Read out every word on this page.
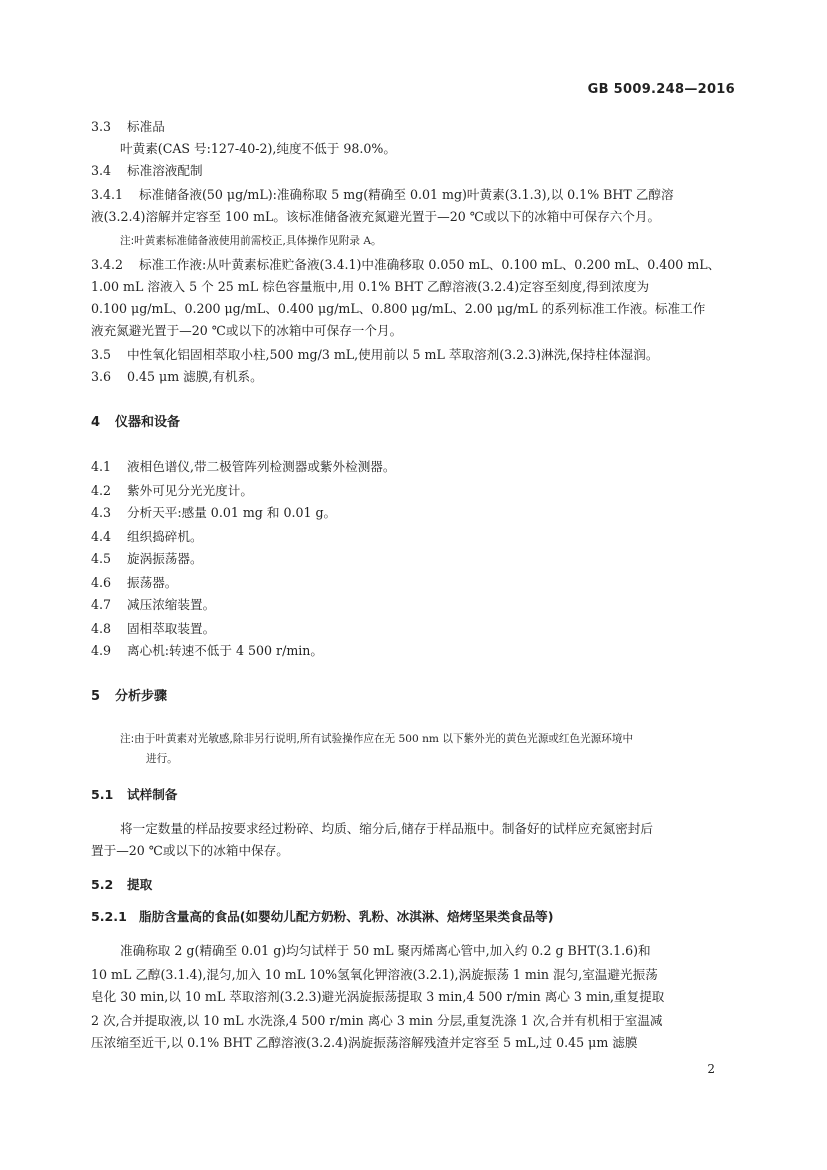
GB 5009.248—2016
3.3 标准品
叶黄素(CAS 号:127-40-2),纯度不低于 98.0%。
3.4 标准溶液配制
3.4.1 标准储备液(50 μg/mL):准确称取 5 mg(精确至 0.01 mg)叶黄素(3.1.3),以 0.1% BHT 乙醇溶
液(3.2.4)溶解并定容至 100 mL。该标准储备液充氮避光置于—20 ℃或以下的冰箱中可保存六个月。
注:叶黄素标准储备液使用前需校正,具体操作见附录 A。
3.4.2 标准工作液:从叶黄素标准贮备液(3.4.1)中准确移取 0.050 mL、0.100 mL、0.200 mL、0.400 mL、
1.00 mL 溶液入 5 个 25 mL 棕色容量瓶中,用 0.1% BHT 乙醇溶液(3.2.4)定容至刻度,得到浓度为
0.100 μg/mL、0.200 μg/mL、0.400 μg/mL、0.800 μg/mL、2.00 μg/mL 的系列标准工作液。标准工作
液充氮避光置于—20 ℃或以下的冰箱中可保存一个月。
3.5 中性氧化铝固相萃取小柱,500 mg/3 mL,使用前以 5 mL 萃取溶剂(3.2.3)淋洗,保持柱体湿润。
3.6 0.45 μm 滤膜,有机系。
4 仪器和设备
4.1 液相色谱仪,带二极管阵列检测器或紫外检测器。
4.2 紫外可见分光光度计。
4.3 分析天平:感量 0.01 mg 和 0.01 g。
4.4 组织捣碎机。
4.5 旋涡振荡器。
4.6 振荡器。
4.7 减压浓缩装置。
4.8 固相萃取装置。
4.9 离心机:转速不低于 4 500 r/min。
5 分析步骤
注:由于叶黄素对光敏感,除非另行说明,所有试验操作应在无 500 nm 以下紫外光的黄色光源或红色光源环境中
进行。
5.1 试样制备
将一定数量的样品按要求经过粉碎、均质、缩分后,储存于样品瓶中。制备好的试样应充氮密封后
置于—20 ℃或以下的冰箱中保存。
5.2 提取
5.2.1 脂肪含量高的食品(如婴幼儿配方奶粉、乳粉、冰淇淋、焙烤坚果类食品等)
准确称取 2 g(精确至 0.01 g)均匀试样于 50 mL 聚丙烯离心管中,加入约 0.2 g BHT(3.1.6)和
10 mL 乙醇(3.1.4),混匀,加入 10 mL 10%氢氧化钾溶液(3.2.1),涡旋振荡 1 min 混匀,室温避光振荡
皂化 30 min,以 10 mL 萃取溶剂(3.2.3)避光涡旋振荡提取 3 min,4 500 r/min 离心 3 min,重复提取
2 次,合并提取液,以 10 mL 水洗涤,4 500 r/min 离心 3 min 分层,重复洗涤 1 次,合并有机相于室温减
压浓缩至近干,以 0.1% BHT 乙醇溶液(3.2.4)涡旋振荡溶解残渣并定容至 5 mL,过 0.45 μm 滤膜
2
